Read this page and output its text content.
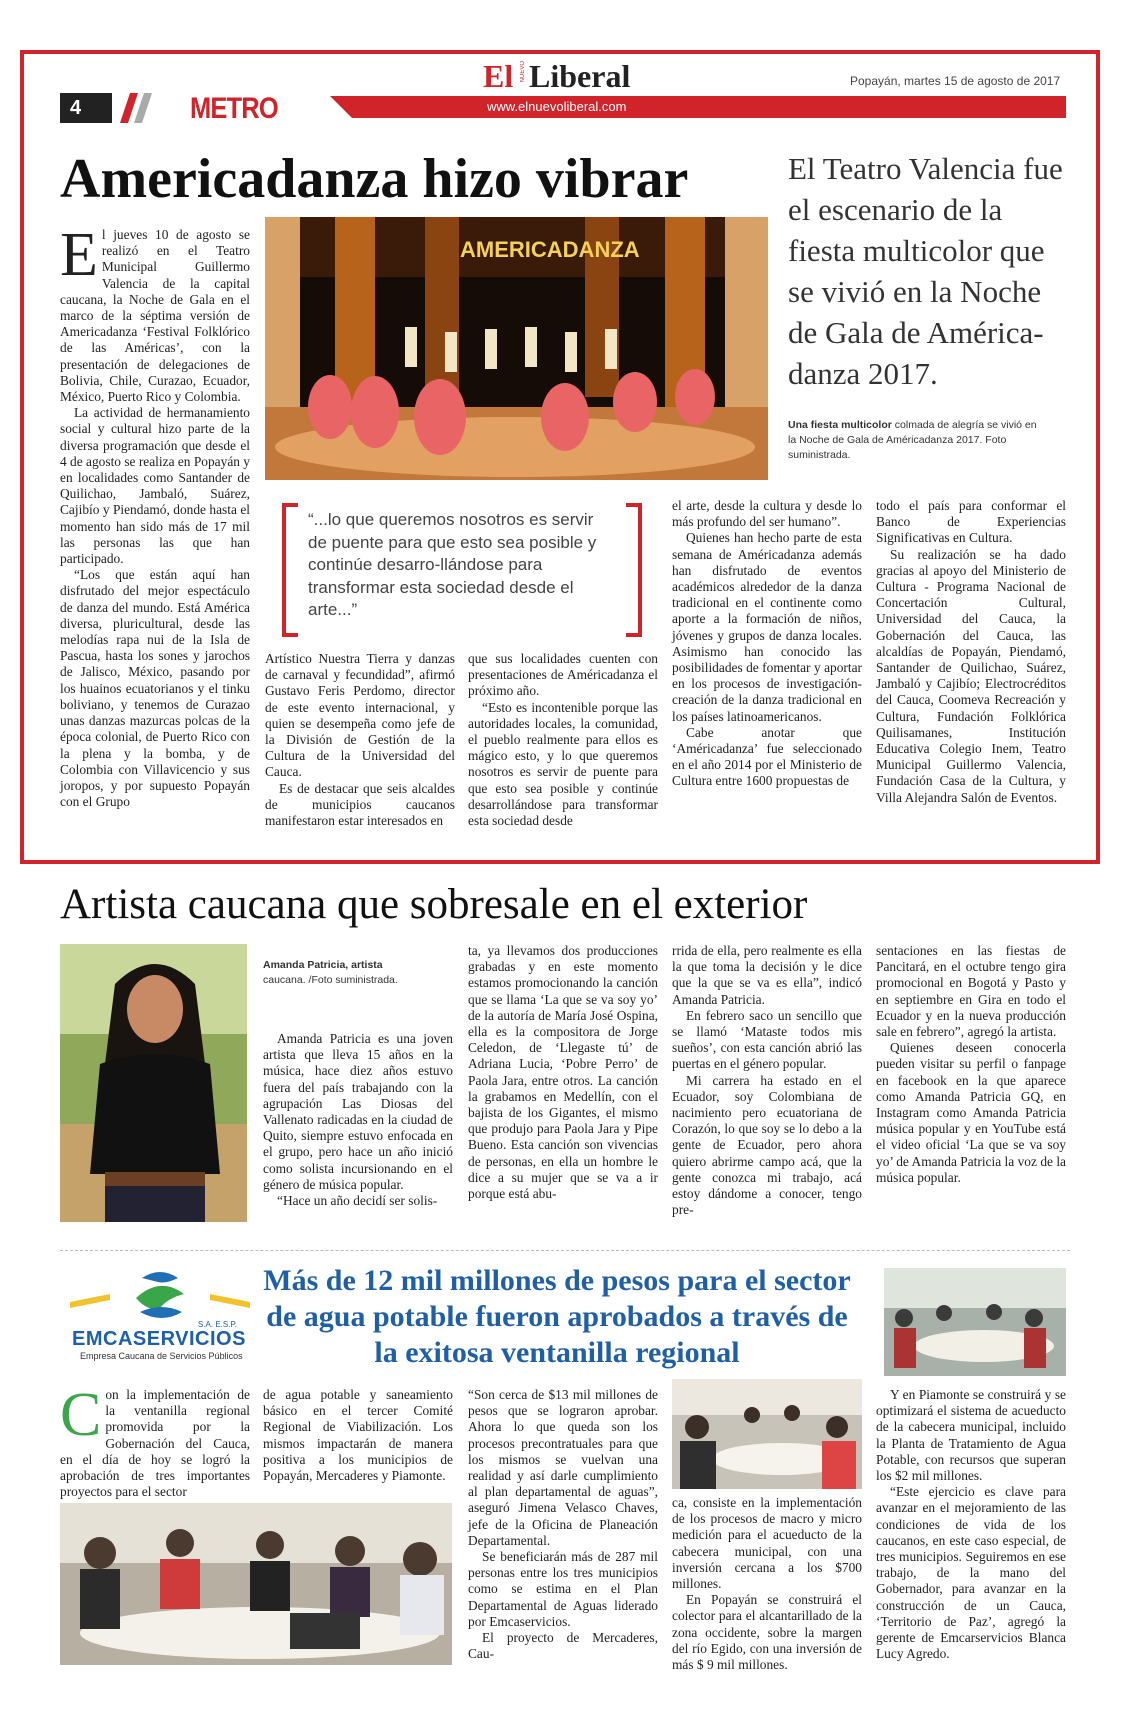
4	METRO
El NUEVO Liberal	Popayán, martes 15 de agosto de 2017
www.elnuevoliberal.com
Americadanza hizo vibrar	El Teatro Valencia fue el escenario de la fiesta multicolor que se vivió en la Noche de Gala de América-danza 2017.
AMERICADANZA
Una fiesta multicolor colmada de alegría se vivió en la Noche de Gala de Américadanza 2017. Foto suministrada.
E l jueves 10 de agosto se realizó en el Teatro Municipal Guillermo Valencia de la capital caucana, la Noche de Gala en el marco de la séptima versión de Americadanza ‘Festival Folklórico de las Américas’, con la presentación de delegaciones de Bolivia, Chile, Curazao, Ecuador, México, Puerto Rico y Colombia.

La actividad de hermanamiento social y cultural hizo parte de la diversa programación que desde el 4 de agosto se realiza en Popayán y en localidades como Santander de Quilichao, Jambaló, Suárez, Cajibío y Piendamó, donde hasta el momento han sido más de 17 mil las personas las que han participado.

“Los que están aquí han disfrutado del mejor espectáculo de danza del mundo. Está América diversa, pluricultural, desde las melodías rapa nui de la Isla de Pascua, hasta los sones y jarochos de Jalisco, México, pasando por los huainos ecuatorianos y el tinku boliviano, y tenemos de Curazao unas danzas mazurcas polcas de la época colonial, de Puerto Rico con la plena y la bomba, y de Colombia con Villavicencio y sus joropos, y por supuesto Popayán con el Grupo

“...lo que queremos nosotros es servir de puente para que esto sea posible y continúe desarro-llándose para transformar esta sociedad desde el arte...”

Artístico Nuestra Tierra y danzas de carnaval y fecundidad”, afirmó Gustavo Feris Perdomo, director de este evento internacional, y quien se desempeña como jefe de la División de Gestión de la Cultura de la Universidad del Cauca.

Es de destacar que seis alcaldes de municipios caucanos manifestaron estar interesados en

que sus localidades cuenten con presentaciones de Américadanza el próximo año.

“Esto es incontenible porque las autoridades locales, la comunidad, el pueblo realmente para ellos es mágico esto, y lo que queremos nosotros es servir de puente para que esto sea posible y continúe desarrollándose para transformar esta sociedad desde

el arte, desde la cultura y desde lo más profundo del ser humano”.

Quienes han hecho parte de esta semana de Américadanza además han disfrutado de eventos académicos alrededor de la danza tradicional en el continente como aporte a la formación de niños, jóvenes y grupos de danza locales. Asimismo han conocido las posibilidades de fomentar y aportar en los procesos de investigación-creación de la danza tradicional en los países latinoamericanos.

Cabe anotar que ‘Américadanza’ fue seleccionado en el año 2014 por el Ministerio de Cultura entre 1600 propuestas de

todo el país para conformar el Banco de Experiencias Significativas en Cultura.

Su realización se ha dado gracias al apoyo del Ministerio de Cultura - Programa Nacional de Concertación Cultural, Universidad del Cauca, la Gobernación del Cauca, las alcaldías de Popayán, Piendamó, Santander de Quilichao, Suárez, Jambaló y Cajibío; Electrocréditos del Cauca, Coomeva Recreación y Cultura, Fundación Folklórica Quilisamanes, Institución Educativa Colegio Inem, Teatro Municipal Guillermo Valencia, Fundación Casa de la Cultura, y Villa Alejandra Salón de Eventos.

Artista caucana que sobresale en el exterior
Amanda Patricia, artista
caucana. /Foto suministrada.

Amanda Patricia es una joven artista que lleva 15 años en la música, hace diez años estuvo fuera del país trabajando con la agrupación Las Diosas del Vallenato radicadas en la ciudad de Quito, siempre estuvo enfocada en el grupo, pero hace un año inició como solista incursionando en el género de música popular.

“Hace un año decidí ser solis-

ta, ya llevamos dos producciones grabadas y en este momento estamos promocionando la canción que se llama ‘La que se va soy yo’ de la autoría de María José Ospina, ella es la compositora de Jorge Celedon, de ‘Llegaste tú’ de Adriana Lucia, ‘Pobre Perro’ de Paola Jara, entre otros. La canción la grabamos en Medellín, con el bajista de los Gigantes, el mismo que produjo para Paola Jara y Pipe Bueno. Esta canción son vivencias de personas, en ella un hombre le dice a su mujer que se va a ir porque está abu-

rrida de ella, pero realmente es ella la que toma la decisión y le dice que la que se va es ella”, indicó Amanda Patricia.

En febrero saco un sencillo que se llamó ‘Mataste todos mis sueños’, con esta canción abrió las puertas en el género popular.

Mi carrera ha estado en el Ecuador, soy Colombiana de nacimiento pero ecuatoriana de Corazón, lo que soy se lo debo a la gente de Ecuador, pero ahora quiero abrirme campo acá, que la gente conozca mi trabajo, acá estoy dándome a conocer, tengo pre-

sentaciones en las fiestas de Pancitará, en el octubre tengo gira promocional en Bogotá y Pasto y en septiembre en Gira en todo el Ecuador y en la nueva producción sale en febrero”, agregó la artista.

Quienes deseen conocerla pueden visitar su perfil o fanpage en facebook en la que aparece como Amanda Patricia GQ, en Instagram como Amanda Patricia música popular y en YouTube está el video oficial ‘La que se va soy yo’ de Amanda Patricia la voz de la música popular.

S.A. E.S.P.
EMCASERVICIOS
Empresa Caucana de Servicios Públicos
Más de 12 mil millones de pesos para el sector de agua potable fueron aprobados a través de la exitosa ventanilla regional
C on la implementación de la ventanilla regional promovida por la Gobernación del Cauca, en el día de hoy se logró la aprobación de tres importantes proyectos para el sector

de agua potable y saneamiento básico en el tercer Comité Regional de Viabilización. Los mismos impactarán de manera positiva a los municipios de Popayán, Mercaderes y Piamonte.

“Son cerca de $13 mil millones de pesos que se lograron aprobar. Ahora lo que queda son los procesos precontratuales para que los mismos se vuelvan una realidad y así darle cumplimiento al plan departamental de aguas”, aseguró Jimena Velasco Chaves, jefe de la Oficina de Planeación Departamental.

Se beneficiarán más de 287 mil personas entre los tres municipios como se estima en el Plan Departamental de Aguas liderado por Emcaservicios.

El proyecto de Mercaderes, Cau-

ca, consiste en la implementación de los procesos de macro y micro medición para el acueducto de la cabecera municipal, con una inversión cercana a los $700 millones.

En Popayán se construirá el colector para el alcantarillado de la zona occidente, sobre la margen del río Egido, con una inversión de más $ 9 mil millones.

Y en Piamonte se construirá y se optimizará el sistema de acueducto de la cabecera municipal, incluido la Planta de Tratamiento de Agua Potable, con recursos que superan los $2 mil millones.

“Este ejercicio es clave para avanzar en el mejoramiento de las condiciones de vida de los caucanos, en este caso especial, de tres municipios. Seguiremos en ese trabajo, de la mano del Gobernador, para avanzar en la construcción de un Cauca, ‘Territorio de Paz’, agregó la gerente de Emcarservicios Blanca Lucy Agredo.
